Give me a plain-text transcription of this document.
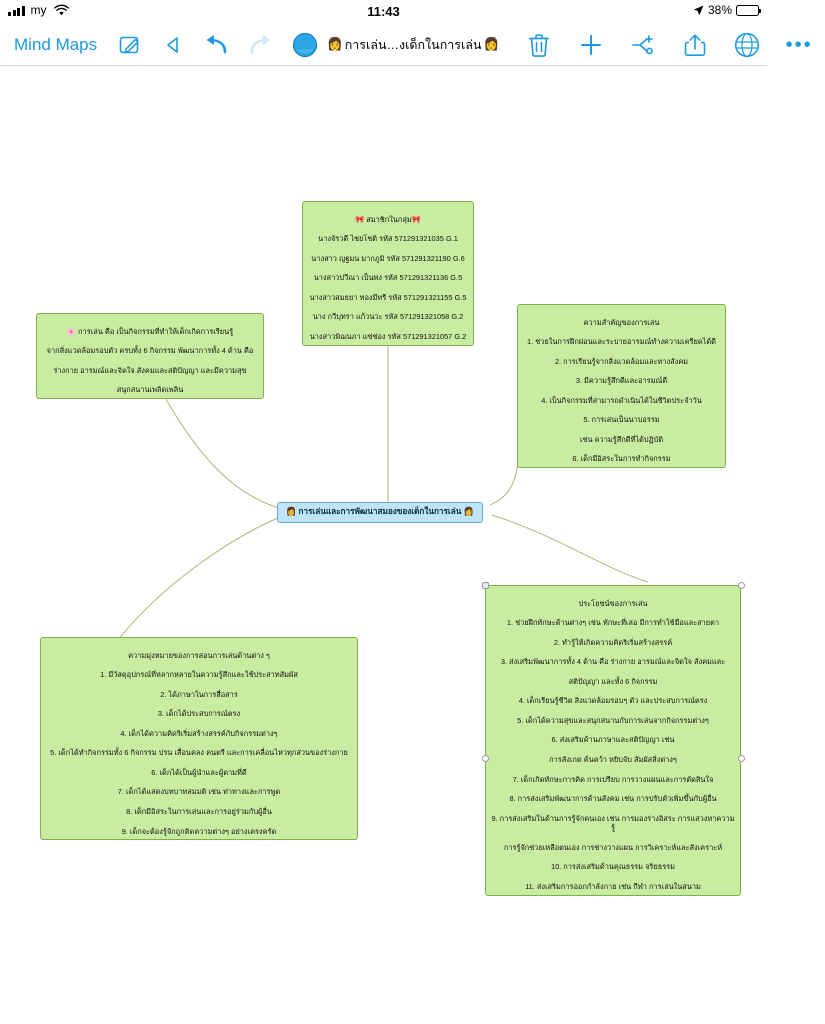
my	11:43	38%
Mind Maps	👩 การเล่น…งเด็กในการเล่น 👩	•••
👩 การเล่นและการพัฒนาสมองของเด็กในการเล่น 👩

🎀 สมาชิกในกลุ่ม🎀

นางจัรวดี ไชยโชติ รหัส 571291321035 G.1

นางสาว ญฐมน มากภูมิ รหัส 571291321190 G.6

นางสาวปวีณา เป็นพ่ง รหัส 571291321136 G.5

นางสาวสมธยา ทองมีทรี รหัส 571291321155 G.5

นาง กวีบุทรา แก้วนวะ รหัส 571291321058 G.2

นางสาวพิฌนภา แซ่ช่อง รหัส 571291321057 G.2

🌸 การเล่น คือ เป็นกิจกรรมที่ทำให้เด็กเกิดการเรียนรู้

จากสิ่งแวดล้อมรอบตัว ครบทั้ง 6 กิจกรรม พัฒนาการทั้ง 4 ด้าน คือ

ร่างกาย อารมณ์และจิตใจ สังคมและสติปัญญา และมีความสุข

สนุกสนานเพลิดเพลิน

ความสำคัญของการเล่น

1. ช่วยในการฝึกผ่อนและระบายอารมณ์ทำงความเครียดได้ดี

2. การเรียนรู้จากสิ่งแวดล้อมและทางสังคม

3. มีความรู้สึกดีและอารมณ์ดี

4. เป็นกิจกรรมที่สามารถดำเนินได้ในชีวิตประจำวัน

5. การเล่นเป็นนาบอรรม

เช่น ความรู้สึกดีที่ได้ปฏิบัติ

6. เด็กมีอิสระในการทำกิจกรรม

ความมุ่งหมายของการสอนการเล่นด้านต่าง ๆ

1. มีวัสดุอุปกรณ์ที่หลากหลายในความรู้สึกและใช้ประสาทสัมผัส

2. ได้ภาษาในการสื่อสาร

3. เด็กได้ประสบการณ์ตรง

4. เด็กได้ความคิดริเริ่มสร้างสรรค์กับกิจกรรมต่างๆ

5. เด็กได้ทำกิจกรรมทั้ง 6 กิจกรรม ปรน เสื่อนคลง คนตรี และการเคลื่อนไหวทุกส่วนของร่างกาย

6. เด็กได้เป็นผู้นำและผู้ตามที่ดี

7. เด็กได้แสดงบทบาทสมมติ เช่น ท่าทางและการพูด

8. เด็กมีอิสระในการเล่นและการอยู่ร่วมกับผู้อื่น

9. เด็กจะต้องรู้จักถูกคิดความต่างๆ อย่างเครงครัด

ประโยชน์ของการเล่น

1. ช่วยฝึกทักษะด้านต่างๆ เช่น ทักษะที่เล่อ มีการทำใช้มือและสายตา

2. ทำรู้ให้เกิดความคิดริเริ่มสร้างสรรค์

3. ส่งเสริมพัฒนาการทั้ง 4 ด้าน คือ ร่างกาย อารมณ์และจิตใจ สังคมและ

สติปัญญา และทั้ง 6 กิจกรรม

4. เด็กเรียนรู้ชีวิต สิ่งแวดล้อมรอบๆ ตัว และประสบการณ์ตรง

5. เด็กได้ความสุขและสนุกสนานกับการเล่นจากกิจกรรมต่างๆ

6. ส่งเสริมด้านภาษาและสติปัญญา เช่น

การสังเกต ค้นคว้า หยิบจับ สัมผัสสิ่งต่างๆ

7. เด็กเกิดทักษะการคิด การเปรียบ การวางแผนและการตัดสินใจ

8. การส่งเสริมพัฒนาการด้านสังคม เช่น การปรับตัวเพิ่มขึ้นกับผู้อื่น

9. การส่งเสริมในด้านการรู้จักคนเอง เช่น การมองร่างอิสระ การแสวงหาความรู้

การรู้จักช่วยเหลือตนเอง การช่างวางแผน การวิเคราะห์และสังเคราะห์

10. การส่งเสริมด้านคุณธรรม จริยธรรม

11. ส่งเสริมการออกกำลังกาย เช่น กีฬา การเล่นในสนาม
